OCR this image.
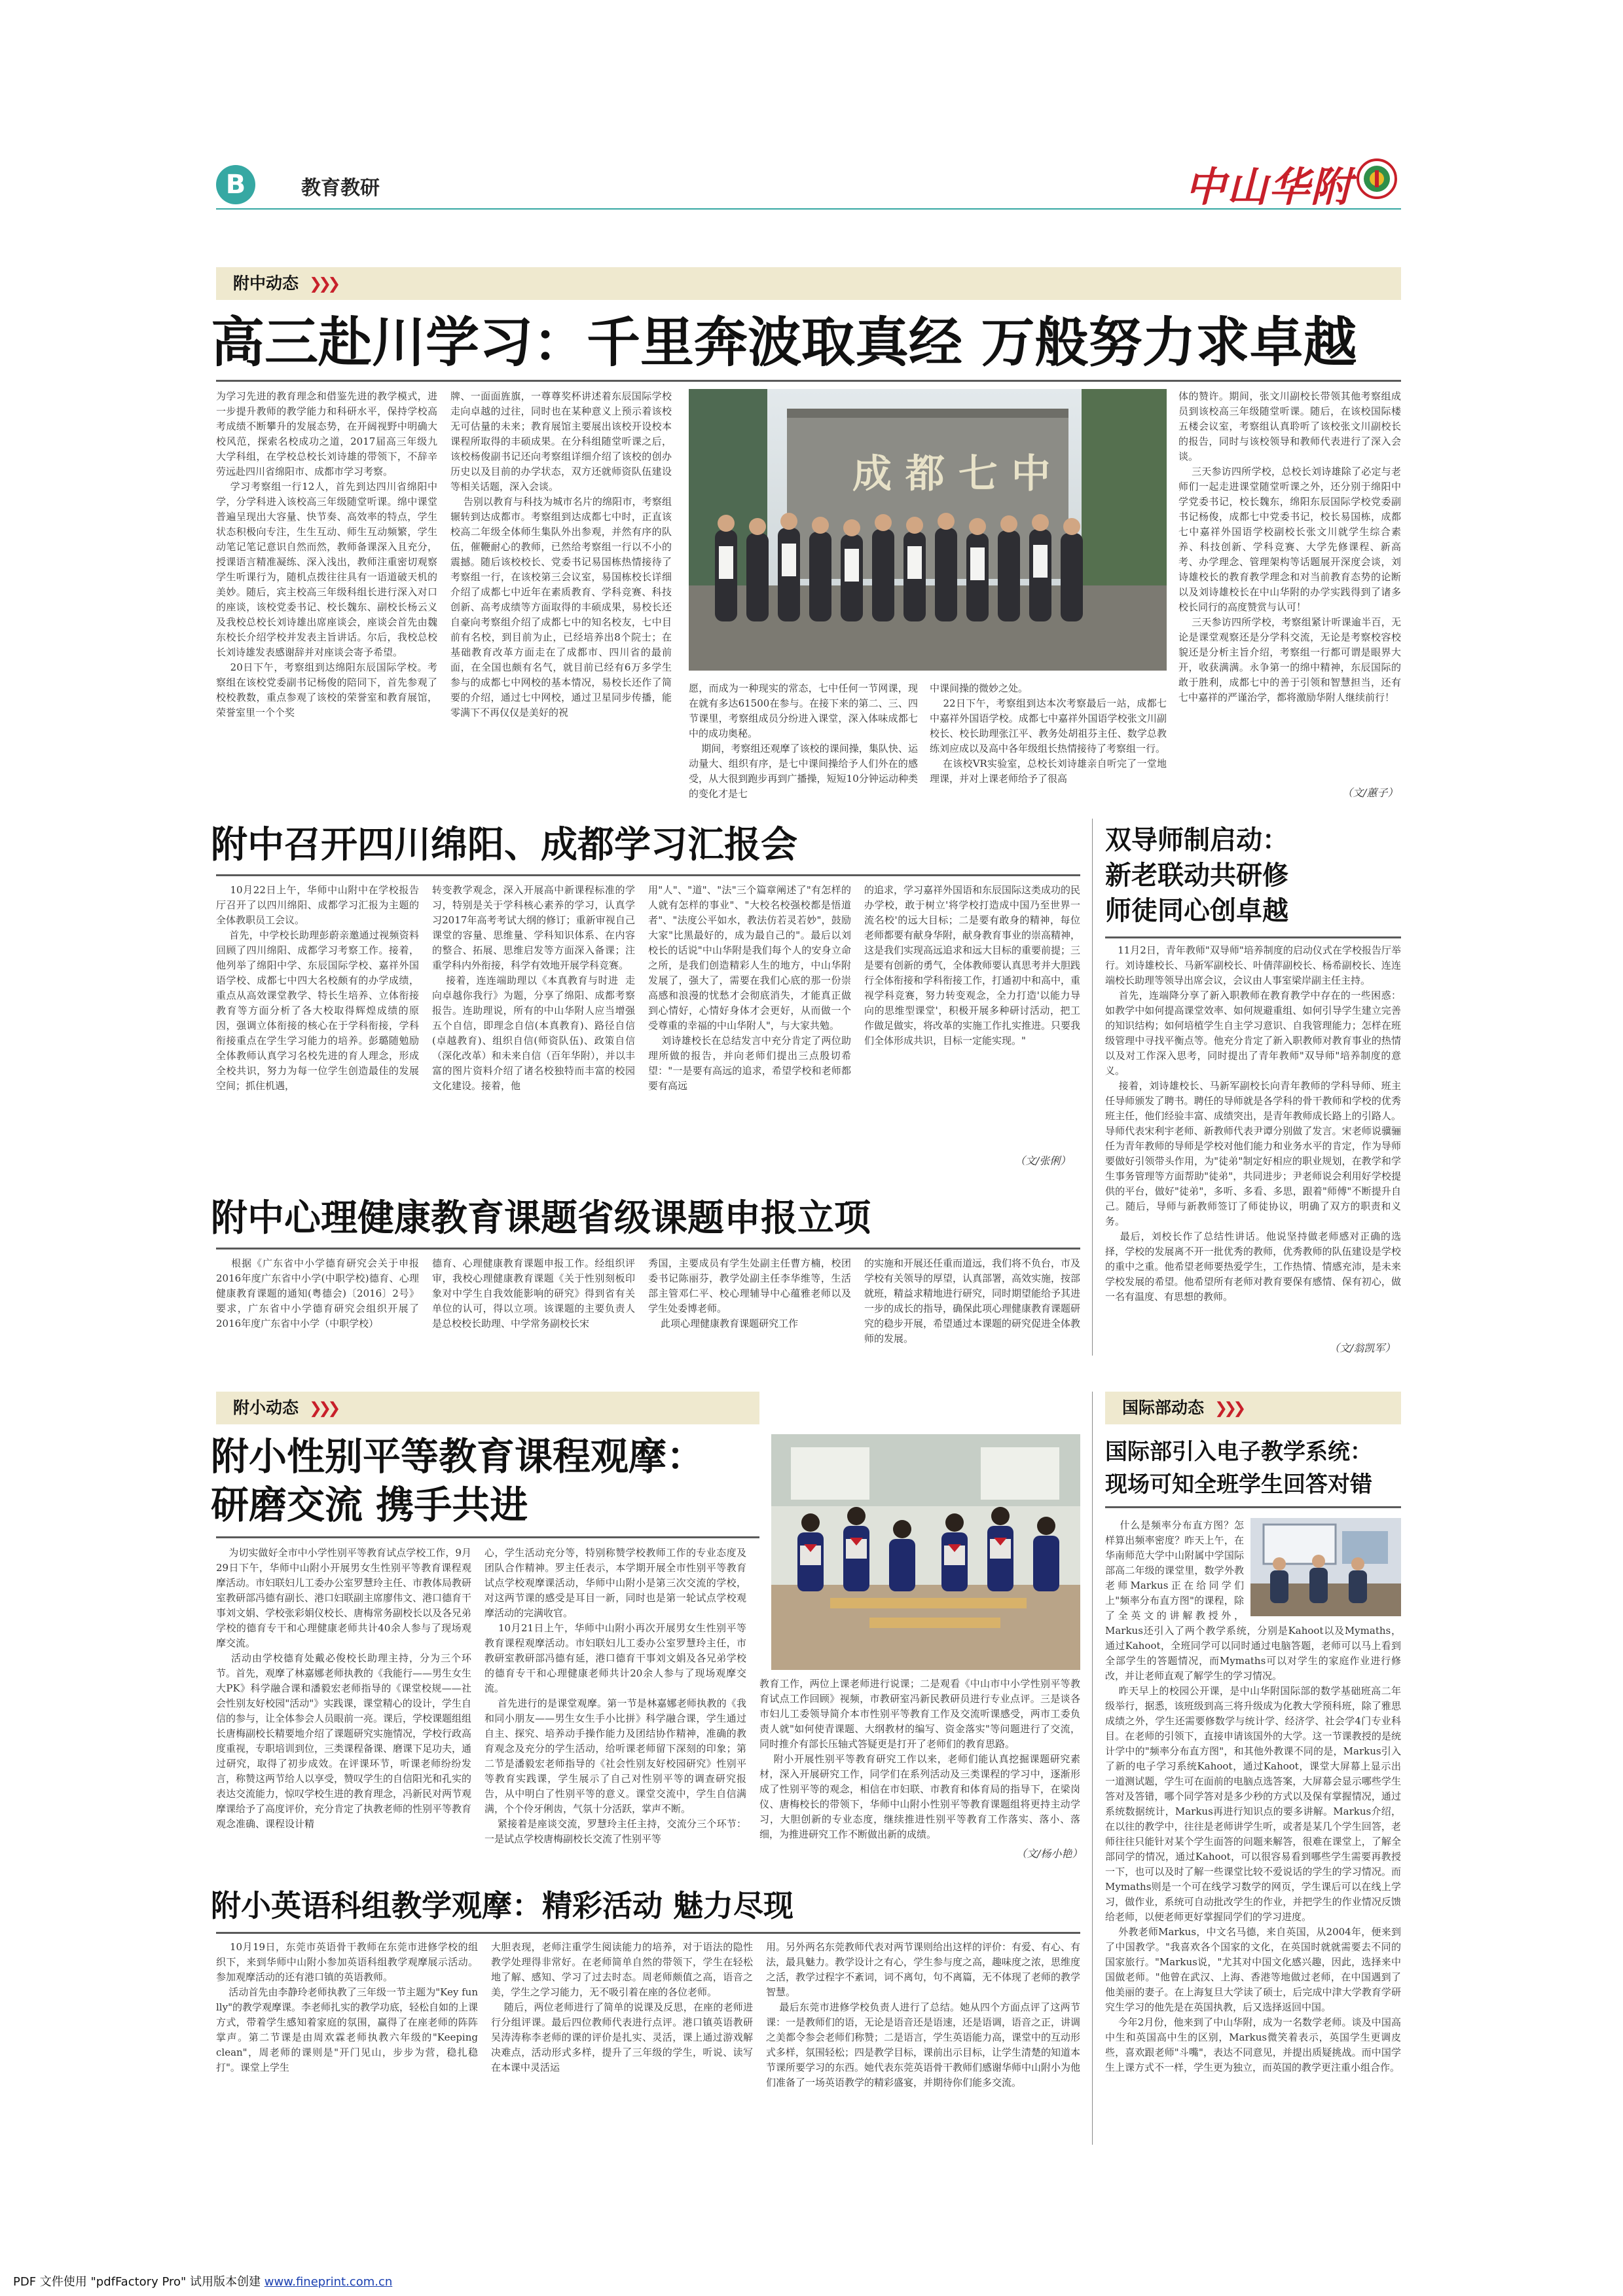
B	教育教研	中山华附
附中动态 ❯❯❯
高三赴川学习：千里奔波取真经 万般努力求卓越
为学习先进的教育理念和借鉴先进的教学模式，进一步提升教师的教学能力和科研水平，保持学校高考成绩不断攀升的发展态势，在开阔视野中明确大校风范，探索名校成功之道，2017届高三年级九大学科组，在学校总校长刘诗雄的带领下，不辞辛劳远赴四川省绵阳市、成都市学习考察。
学习考察组一行12人，首先到达四川省绵阳中学，分学科进入该校高三年级随堂听课。绵中课堂普遍呈现出大容量、快节奏、高效率的特点，学生状态积极向专注，生生互动、师生互动频繁，学生动笔记笔记意识自然而然，教师备课深入且充分，授课语言精准凝练、深入浅出，教师注重密切观察学生听课行为，随机点拨往往具有一语道破天机的美妙。随后，宾主校高三年级科组长进行深入对口的座谈，该校党委书记、校长魏东、副校长杨云义及我校总校长刘诗雄出席座谈会，座谈会首先由魏东校长介绍学校并发表主旨讲话。尔后，我校总校长刘诗雄发表感谢辞并对座谈会寄予希望。
20日下午，考察组到达绵阳东辰国际学校。考察组在该校党委副书记杨俊的陪同下，首先参观了校校教数，重点参观了该校的荣誉室和教育展馆，荣誉室里一个个奖
牌、一面面旌旗，一尊尊奖杯讲述着东辰国际学校走向卓越的过往，同时也在某种意义上预示着该校无可估量的未来；教育展馆主要展出该校开设校本课程所取得的丰硕成果。在分科组随堂听课之后，该校杨俊副书记还向考察组详细介绍了该校的创办历史以及目前的办学状态，双方还就师资队伍建设等相关话题，深入会谈。
告别以教育与科技为城市名片的绵阳市，考察组辗转到达成都市。考察组到达成都七中时，正直该校高二年级全体师生集队外出参观，并然有序的队伍，催鞭耐心的教师，已然给考察组一行以不小的震撼。随后该校校长、党委书记易国栋热情接待了考察组一行，在该校第三会议室，易国栋校长详细介绍了成都七中近年在素质教育、学科竞赛、科技创新、高考成绩等方面取得的丰硕成果，易校长还自豪向考察组介绍了成都七中的知名校友，七中目前有名校，到目前为止，已经培养出8个院士；在基础教育改革方面走在了成都市、四川省的最前面，在全国也颇有名气，就目前已经有6万多学生参与的成都七中网校的基本情况，易校长还作了简要的介绍，通过七中网校，通过卫星同步传播，能零满下不再仅仅是美好的祝
成 都 七 中
愿，而成为一种现实的常态，七中任何一节网课，现在就有多达61500在参与。在接下来的第二、三、四节课里，考察组成员分纷进入课堂，深入体味成都七中的成功奥秘。
期间，考察组还观摩了该校的课间操，集队快、运动量大、组织有序，是七中课间操给予人们外在的感受，从大很到跑步再到广播操，短短10分钟运动种类的变化才是七
中课间操的微妙之处。
22日下午，考察组到达本次考察最后一站，成都七中嘉祥外国语学校。成都七中嘉祥外国语学校张文川副校长、校长助理张江平、教务处胡祖芬主任、数学总教练刘应成以及高中各年级组长热情接待了考察组一行。
在该校VR实验室，总校长刘诗雄亲自听完了一堂地理课，并对上课老师给予了很高
体的赞许。期间，张文川副校长带领其他考察组成员到该校高三年级随堂听课。随后，在该校国际楼五楼会议室，考察组认真聆听了该校张文川副校长的报告，同时与该校领导和教师代表进行了深入会谈。
三天参访四所学校，总校长刘诗雄除了必定与老师们一起走进课堂随堂听课之外，还分别于绵阳中学党委书记，校长魏东，绵阳东辰国际学校党委副书记杨俊，成都七中党委书记，校长易国栋，成都七中嘉祥外国语学校副校长张文川就学生综合素养、科技创新、学科竞赛、大学先修课程、新高考、办学理念、管理架构等话题展开深度会谈，刘诗雄校长的教育教学理念和对当前教育态势的论断以及刘诗雄校长在中山华附的办学实践得到了诸多校长同行的高度赞赏与认可！
三天参访四所学校，考察组紧计听课逾半百，无论是课堂观察还是分学科交流，无论是考察校容校貌还是分析主旨介绍，考察组一行都可谓是眼界大开，收获满满。永争第一的绵中精神，东辰国际的敢于胜利，成都七中的善于引领和智慧担当，还有七中嘉祥的严谨治学，都将激励华附人继续前行！
（文/蕙子）
附中召开四川绵阳、成都学习汇报会
10月22日上午，华师中山附中在学校报告厅召开了以四川绵阳、成都学习汇报为主题的全体教职员工会议。
首先，中学校长助理彭蔚亲邀通过视频资料回顾了四川绵阳、成都学习考察工作。接着，他列举了绵阳中学、东辰国际学校、嘉祥外国语学校、成都七中四大名校颇有的办学成绩，重点从高效课堂教学、特长生培养、立体衔接教育等方面分析了各大校取得辉煌成绩的原因，强调立体衔接的核心在于学科衔接，学科衔接重点在学生学习能力的培养。彭璐随勉励全体教师认真学习名校先进的育人理念，形成全校共识，努力为每一位学生创造最佳的发展空间；抓住机遇，
转变教学观念，深入开展高中新课程标准的学习，特别是关于学科核心素养的学习，认真学习2017年高考考试大纲的修订；重新审视自己课堂的容量、思维量、学科知识体系、在内容的整合、拓展、思维启发等方面深入备课；注重学科内外衔接，科学有效地开展学科竞赛。
接着，连连端助理以《本真教育与时进  走向卓越你我行》为题，分享了绵阳、成都考察报告。连助理说，所有的中山华附人应当增强五个自信，即理念自信(本真教育)、路径自信(卓越教育)、组织自信(师资队伍)、政策自信（深化改革）和未来自信（百年华附），并以丰富的图片资料介绍了诸名校独特而丰富的校园文化建设。接着，他
用"人"、"道"、"法"三个篇章阐述了"有怎样的人就有怎样的事业"、"大校名校强校都是悟道者"、"法度公平如水，教法仿若灵若妙"，鼓励大家"比黑最好的，成为最自己的"。最后以刘校长的话说"中山华附是我们每个人的安身立命之所，是我们创造精彩人生的地方，中山华附发展了，强大了，需要在我们心底的那一份崇高感和浪漫的忧愁才会彻底消失，才能真正做到心情好，心情好身体才会更好，从而做一个受尊重的幸福的中山华附人"，与大家共勉。
刘诗雄校长在总结发言中充分肯定了两位助理所做的报告，并向老师们提出三点殷切希望："一是要有高远的追求，希望学校和老师都要有高远
的追求，学习嘉祥外国语和东辰国际这类成功的民办学校，敢于树立'将学校打造成中国乃至世界一流名校'的远大目标；二是要有敢身的精神，每位老师都要有献身华附，献身教育事业的崇高精神，这是我们实现高远追求和远大目标的重要前提；三是要有创新的勇气，全体教师要认真思考并大胆践行全体衔接和学科衔接工作，打通初中和高中，重视学科竞赛，努力转变观念，全力打造'以能力导向的思维型课堂'，积极开展多种研讨活动，把工作做足做实，将改革的实施工作扎实推进。只要我们全体形成共识，目标一定能实现。"
（文/张俐）
双导师制启动：
新老联动共研修
师徒同心创卓越
11月2日，青年教师"双导师"培养制度的启动仪式在学校报告厅举行。刘诗雄校长、马新军副校长、叶倩萍副校长、杨希副校长、连连端校长助理等领导出席会议，会议由人事室梁岸副主任主持。
首先，连端降分享了新入职教师在教育教学中存在的一些困惑：如教学中如何提高课堂效率、如何规避重组、如何引导学生建立完善的知识结构；如何培植学生自主学习意识、自我管理能力；怎样在班级管理中寻找平衡点等。他充分肯定了新入职教师对教育事业的热情以及对工作深入思考，同时提出了青年教师"双导师"培养制度的意义。
接着，刘诗雄校长、马新军副校长向青年教师的学科导师、班主任导师颁发了聘书。聘任的导师就是各学科的骨干教师和学校的优秀班主任，他们经验丰富、成绩突出，是青年教师成长路上的引路人。导师代表宋利宇老师、新教师代表尹谭分别做了发言。宋老师说骥骊任为青年教师的导师是学校对他们能力和业务水平的肯定，作为导师要做好引领带头作用，为"徒弟"制定好相应的职业规划，在教学和学生事务管理等方面帮助"徒弟"，共同进步；尹老师说会利用好学校提供的平台，做好"徒弟"，多听、多看、多思，跟着"师傅"不断提升自己。随后，导师与新教师签订了师徒协议，明确了双方的职责和义务。
最后，刘校长作了总结性讲话。他说坚持做老师感对正确的选择，学校的发展离不开一批优秀的教师，优秀教师的队伍建设是学校的重中之重。他希望老师要热爱学生，工作热情、情感充沛，是未来学校发展的希望。他希望所有老师对教育要保有感情、保有初心，做一名有温度、有思想的教师。
（文/翁凯军）
附中心理健康教育课题省级课题申报立项
根据《广东省中小学德育研究会关于申报2016年度广东省中小学(中职学校)德育、心理健康教育课题的通知(粤德会)〔2016〕2号》要求，广东省中小学德育研究会组织开展了2016年度广东省中小学（中职学校）
德育、心理健康教育课题申报工作。经组织评审，我校心理健康教育课题《关于性别刻板印象对中学生自我效能影响的研究》得到省有关单位的认可，得以立项。该课题的主要负责人是总校校长助理、中学常务副校长宋
秀国，主要成员有学生处副主任曹方楠，校团委书记陈丽芬，教学处副主任李华维等，生活部主管邓仁平、校心理辅导中心蕴雅老师以及学生处委博老师。
此项心理健康教育课题研究工作
的实施和开展还任重而道远，我们将不负台，市及学校有关领导的厚望，认真部署，高效实施，按部就班，精益求精地进行研究，同时期望能给予其进一步的成长的指导，确保此项心理健康教育课题研究的稳步开展，希望通过本课题的研究促进全体教师的发展。
附小动态 ❯❯❯
附小性别平等教育课程观摩：
研磨交流 携手共进
为切实做好全市中小学性别平等教育试点学校工作，9月29日下午，华师中山附小开展男女生性别平等教育课程观摩活动。市妇联妇儿工委办公室罗慧玲主任、市教体局教研室教研部冯德有副长、港口妇联副主席廖伟文、港口德育干事刘文娟、学校张彩娟仪校长、唐梅常务副校长以及各兄弟学校的德育专干和心理健康老师共计40余人参与了现场观摩交流。
活动由学校德育处戴必俊校长助理主持，分为三个环节。首先，观摩了林嘉娜老师执教的《我能行——男生女生大PK》科学融合课和潘毅宏老师指导的《课堂校规——社会性别友好校园"活动"》实践课，课堂精心的设计，学生自信的参与，让全体参会人员眼前一亮。课后，学校课题组组长唐梅副校长精要地介绍了课题研究实施情况，学校行政高度重视，专职培训到位，三类课程备课、磨课下足功夫，通过研究，取得了初步成效。在评课环节，听课老师纷纷发言，称赞这两节给人以享受，赞叹学生的自信阳光和孔实的表达交流能力，惊叹学校生进的教育理念，冯新民对两节观摩课给予了高度评价，充分肯定了执教老师的性别平等教育观念准确、课程设计精
心，学生活动充分等，特别称赞学校教师工作的专业态度及团队合作精神。罗主任表示，本学期开展全市性别平等教育试点学校观摩课活动，华师中山附小是第三次交流的学校，对这两节课的感受是耳目一新，同时也是第一轮试点学校观摩活动的完满收官。
10月21日上午，华师中山附小再次开展男女生性别平等教育课程观摩活动。市妇联妇儿工委办公室罗慧玲主任，市教研室教研部冯德有延，港口德育干事刘文娟及各兄弟学校的德育专干和心理健康老师共计20余人参与了现场观摩交流。
首先进行的是课堂观摩。第一节是林嘉娜老师执教的《我和同小朋友——男生女生手小比拼》科学融合课，学生通过自主、探究、培养动手操作能力及团结协作精神，准确的教育观念及充分的学生活动，给听课老师留下深刻的印象；第二节是潘毅宏老师指导的《社会性别友好校园研究》性别平等教育实践课，学生展示了自己对性别平等的调查研究报告，从中明白了性别平等的意义。课堂交流中，学生自信满满，个个伶牙俐齿，气氛十分活跃，掌声不断。
紧接着是座谈交流，罗慧玲主任主持，交流分三个环节：一是试点学校唐梅副校长交流了性别平等
教育工作，两位上课老师进行说课；二是观看《中山市中小学性别平等教育试点工作回顾》视频，市教研室冯新民教研员进行专业点评。三是谈各市妇儿工委领导简介本市性别平等教育工作及交流听课感受，两市工委负责人就"如何使青课题、大纲教材的编写、资金落实"等问题进行了交流，同时推介有部长压轴式答疑更是打开了老师们的教育思路。
附小开展性别平等教育研究工作以来，老师们能认真挖掘课题研究素材，深入开展研究工作，同学们在系列活动及三类课程的学习中，逐渐形成了性别平等的观念，相信在市妇联、市教育和体育局的指导下，在梁岗仪、唐梅校长的带领下，华师中山附小性别平等教育课题组将更持主动学习，大胆创新的专业态度，继续推进性别平等教育工作落实、落小、落细，为推进研究工作不断做出新的成绩。
（文/杨小艳）
附小英语科组教学观摩：精彩活动 魅力尽现
10月19日，东莞市英语骨干教师在东莞市进修学校的组织下，来到华师中山附小参加英语科组教学观摩展示活动。参加观摩活动的还有港口镇的英语教师。
活动首先由李静玲老师执教了三年级一节主题为"Key fun lly"的教学观摩课。李老师扎实的教学功底，轻松自如的上课方式，带着学生感知着家庭的氛围，赢得了在座老师的阵阵掌声。第二节课是由周欢霖老师执教六年级的"Keeping clean"，周老师的课则是"开门见山，步步为营，稳扎稳打"。课堂上学生
大胆表现，老师注重学生阅读能力的培养，对于语法的隐性教学处理得非常好。在老师简单自然的带领下，学生在轻松地了解、感知、学习了过去时态。周老师颇值之高，语音之美，学生之学习能力，无不吸引着在座的各位老师。
随后，两位老师进行了简单的说课及反思，在座的老师进行分组评课。最后四位教师代表进行点评。港口镇英语教研吴涛涛称李老师的课的评价是扎实、灵活，课上通过游戏解决难点，活动形式多样，提升了三年级的学生，听说、读写在本课中灵活运
用。另外两名东莞教师代表对两节课则给出这样的评价：有爱、有心、有法，最具魅力。教学设计之有心，学生参与度之高，趣味度之浓，思维度之活，教学过程字不紊词，词不离句，句不离篇，无不体现了老师的教学智慧。
最后东莞市进修学校负责人进行了总结。她从四个方面点评了这两节课：一是教师们的语，无论是语音还是语速，还是语调，语音之正，讲调之美都令参会老师们称赞；二是语言，学生英语能力高，课堂中的互动形式多样，氛围轻松；四是教学目标，课前出示目标，让学生清楚的知道本节课所要学习的东西。她代表东莞英语骨干教师们感谢华师中山附小为他们准备了一场英语教学的精彩盛宴，并期待你们能多交流。
国际部动态 ❯❯❯
国际部引入电子教学系统：
现场可知全班学生回答对错
什么是频率分布直方图？怎样算出频率密度？昨天上午，在华南师范大学中山附属中学国际部高二年级的课堂里，数学外教老师Markus正在给同学们上"频率分布直方图"的课程，除了全英文的讲解教授外，Markus还引入了两个教学系统，分别是Kahoot以及Mymaths，通过Kahoot，全班同学可以同时通过电脑答题，老师可以马上看到全部学生的答题情况，而Mymaths可以对学生的家庭作业进行修改，并让老师直观了解学生的学习情况。
昨天早上的校园公开课，是中山华附国际部的数学基础班高二年级举行，据悉，该班级到高三将升级成为化教大学预科班，除了雅思成绩之外，学生还需要修数学与统计学、经济学、社会学4门专业科目。在老师的引领下，直接申请该国外的大学。这一节课教授的是统计学中的"频率分布直方图"，和其他外教课不同的是，Markus引入了新的电子学习系统Kahoot，通过Kahoot，课堂大屏幕上显示出一道测试题，学生可在面前的电脑点选答案，大屏幕会显示哪些学生答对及答错，哪个同学答对是多少秒的方式以及保有掌握情况，通过系统数据统计，Markus再进行知识点的要多讲解。Markus介绍，在以往的教学中，往往是老师讲学生听，或者是某几个学生回答，老师往往只能针对某个学生面答的问题来解答，很难在课堂上，了解全部同学的情况，通过Kahoot，可以很容易看到哪些学生需要再教授一下，也可以及时了解一些课堂比较不爱说话的学生的学习情况。而Mymaths则是一个可在线学习数学的网页，学生课后可以在线上学习，做作业，系统可自动批改学生的作业，并把学生的作业情况反馈给老师，以便老师更好掌握同学们的学习进度。
外教老师Markus，中文名马德，来自英国，从2004年，便来到了中国教学。"我喜欢各个国家的文化，在英国时就就需要去不同的国家旅行。"Markus说，"尤其对中国文化感兴趣，因此，选择来中国做老师。"他曾在武汉、上海、香港等地做过老师，在中国遇到了他美丽的妻子。在上海复旦大学读了硕士，后完成中津大学教育学研究生学习的他先是在英国执教，后又选择返回中国。
今年2月份，他来到了中山华附，成为一名数学老师。谈及中国高中生和英国高中生的区别，Markus微笑着表示，英国学生更调皮些，喜欢跟老师"斗嘴"，表达不同意见，并提出质疑挑战。而中国学生上课方式不一样，学生更为独立，而英国的教学更注重小组合作。
PDF 文件使用 "pdfFactory Pro" 试用版本创建 www.fineprint.com.cn
